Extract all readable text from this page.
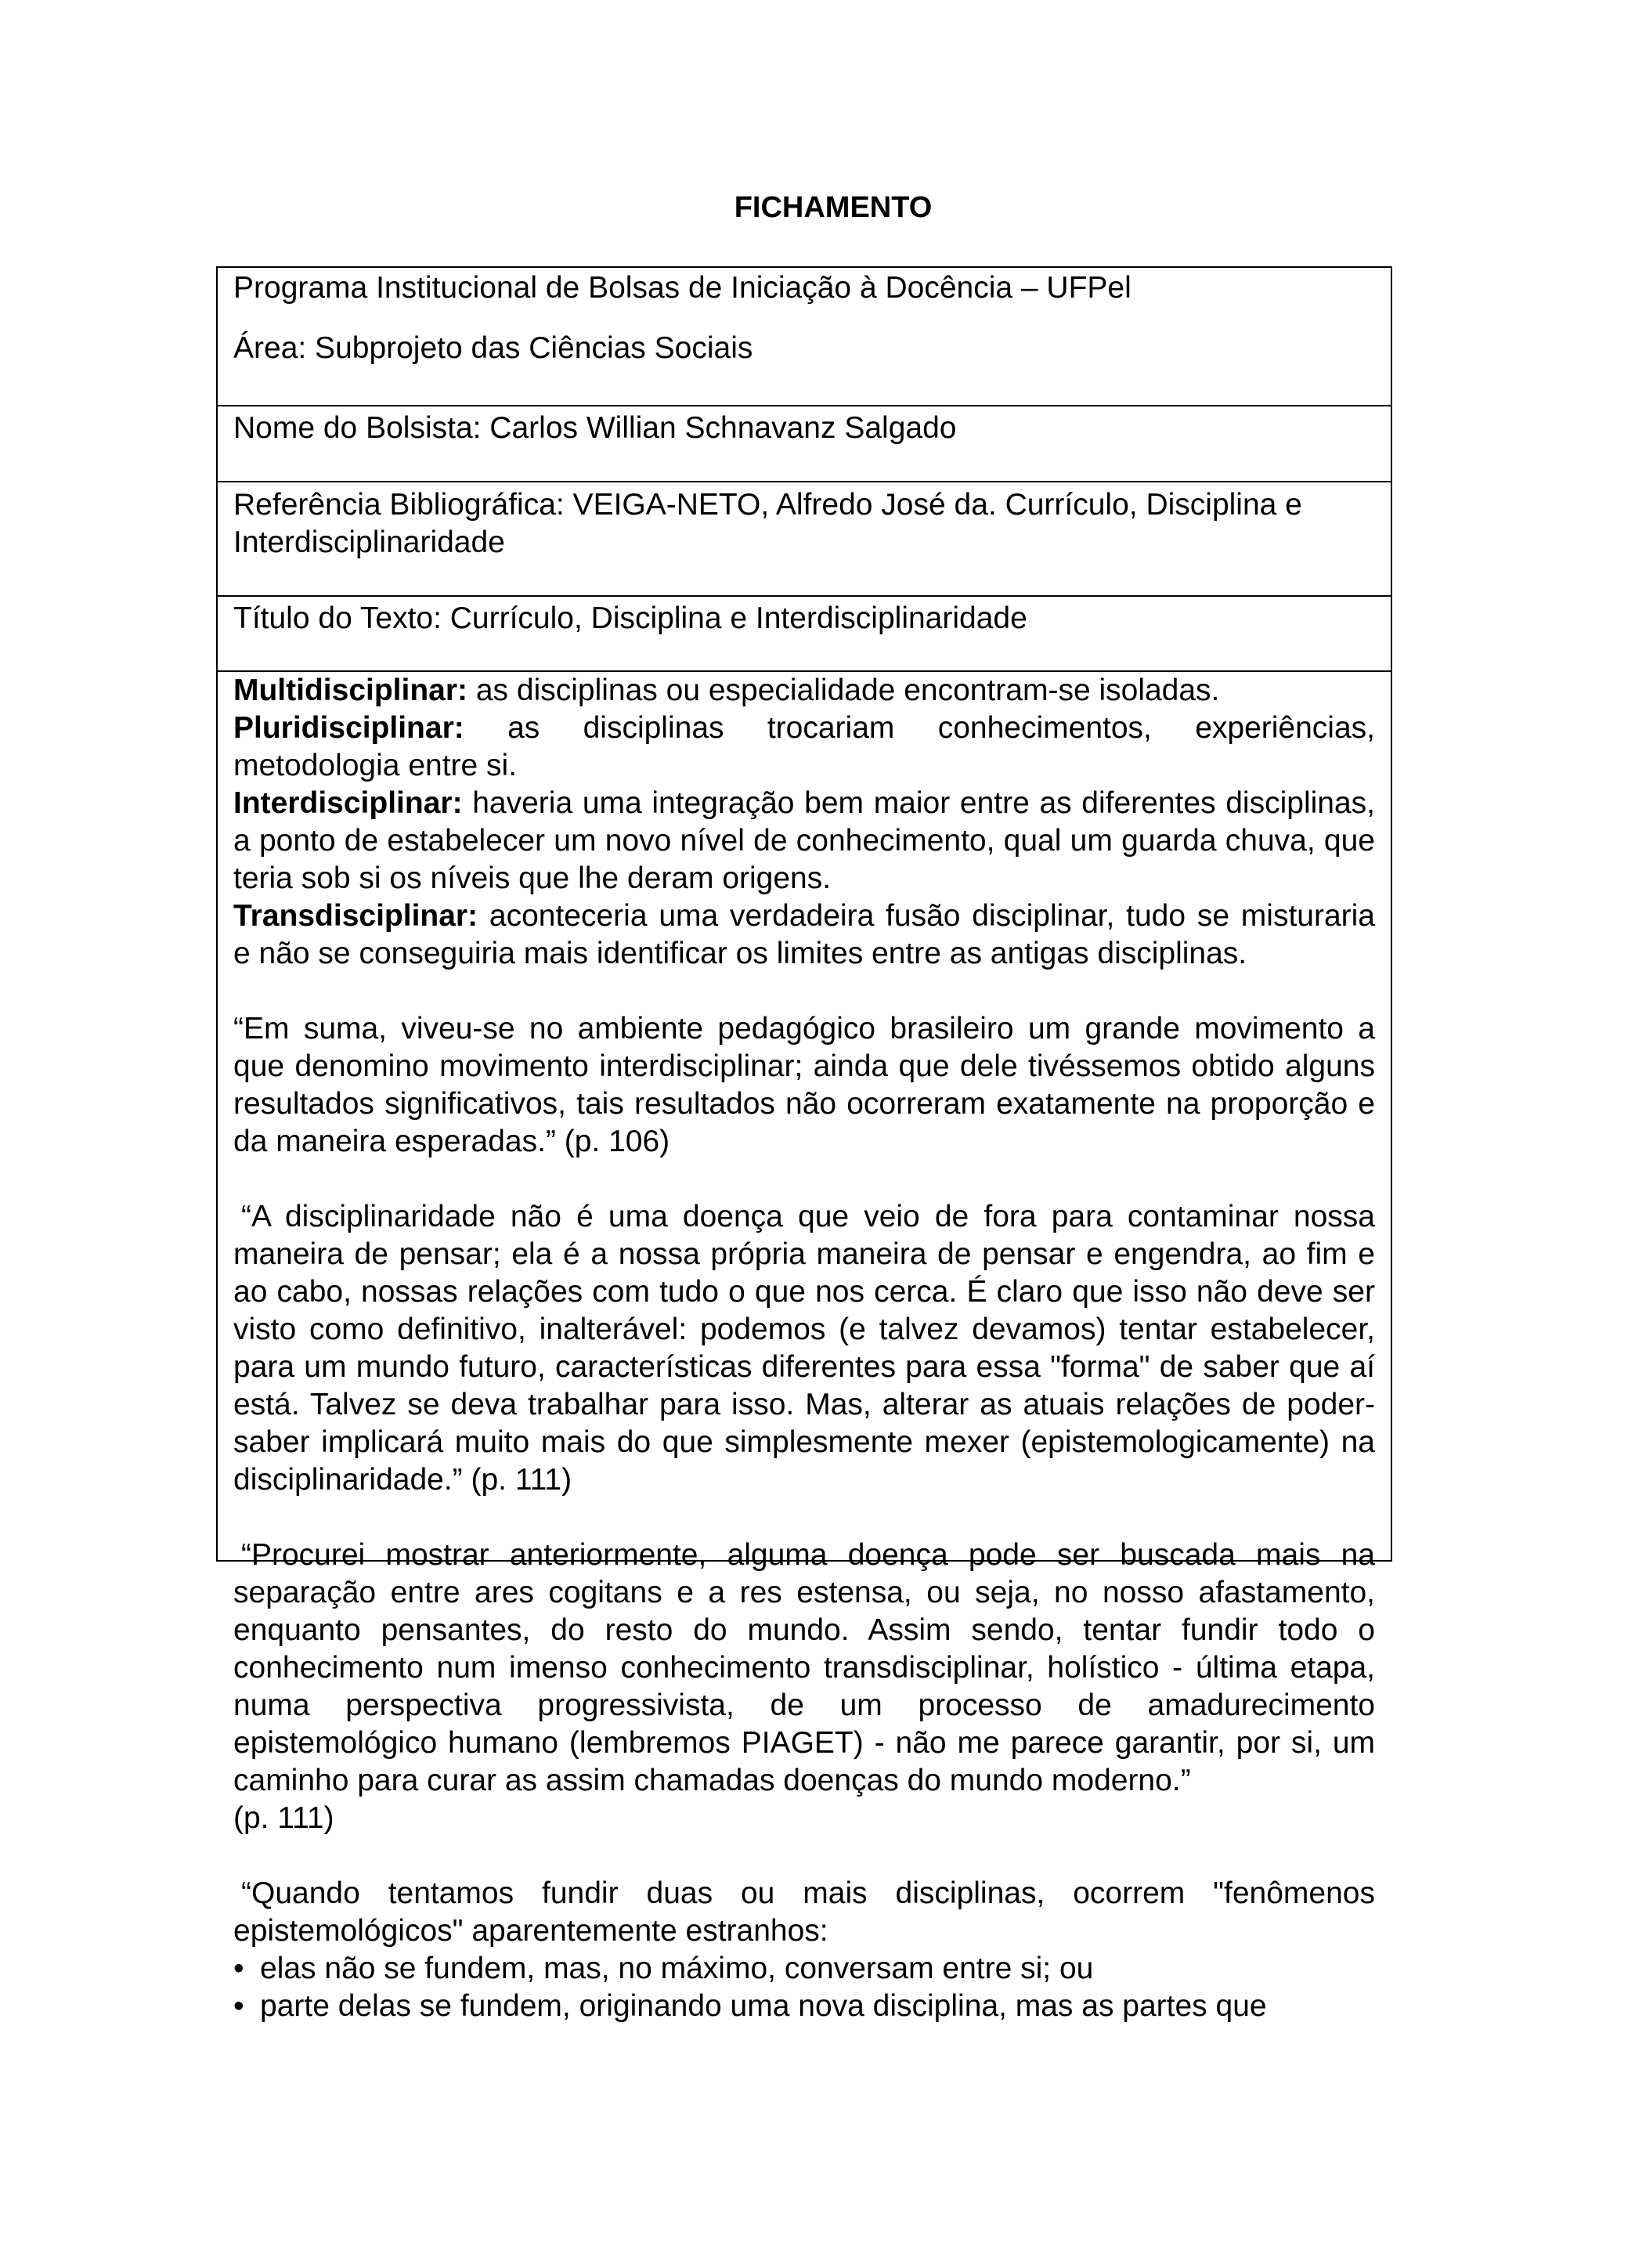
FICHAMENTO
Programa Institucional de Bolsas de Iniciação à Docência – UFPel
Área: Subprojeto das Ciências Sociais
Nome do Bolsista: Carlos Willian Schnavanz Salgado
Referência Bibliográfica: VEIGA-NETO, Alfredo José da. Currículo, Disciplina e Interdisciplinaridade
Título do Texto: Currículo, Disciplina e Interdisciplinaridade

Multidisciplinar: as disciplinas ou especialidade encontram-se isoladas.

Pluridisciplinar: as disciplinas trocariam conhecimentos, experiências, metodologia entre si.

Interdisciplinar: haveria uma integração bem maior entre as diferentes disciplinas, a ponto de estabelecer um novo nível de conhecimento, qual um guarda chuva, que teria sob si os níveis que lhe deram origens.

Transdisciplinar: aconteceria uma verdadeira fusão disciplinar, tudo se misturaria e não se conseguiria mais identificar os limites entre as antigas disciplinas.

“Em suma, viveu-se no ambiente pedagógico brasileiro um grande movimento a que denomino movimento interdisciplinar; ainda que dele tivéssemos obtido alguns resultados significativos, tais resultados não ocorreram exatamente na proporção e da maneira esperadas.” (p. 106)

“A disciplinaridade não é uma doença que veio de fora para contaminar nossa maneira de pensar; ela é a nossa própria maneira de pensar e engendra, ao fim e ao cabo, nossas relações com tudo o que nos cerca. É claro que isso não deve ser visto como definitivo, inalterável: podemos (e talvez devamos) tentar estabelecer, para um mundo futuro, características diferentes para essa "forma" de saber que aí está. Talvez se deva trabalhar para isso. Mas, alterar as atuais relações de poder-saber implicará muito mais do que simplesmente mexer (epistemologicamente) na disciplinaridade.” (p. 111)

“Procurei mostrar anteriormente, alguma doença pode ser buscada mais na separação entre ares cogitans e a res estensa, ou seja, no nosso afastamento, enquanto pensantes, do resto do mundo. Assim sendo, tentar fundir todo o conhecimento num imenso conhecimento transdisciplinar, holístico - última etapa, numa perspectiva progressivista, de um processo de amadurecimento epistemológico humano (lembremos PIAGET) - não me parece garantir, por si, um caminho para curar as assim chamadas doenças do mundo moderno.”

(p. 111)

“Quando tentamos fundir duas ou mais disciplinas, ocorrem "fenômenos epistemológicos" aparentemente estranhos:

• elas não se fundem, mas, no máximo, conversam entre si; ou
• parte delas se fundem, originando uma nova disciplina, mas as partes que
